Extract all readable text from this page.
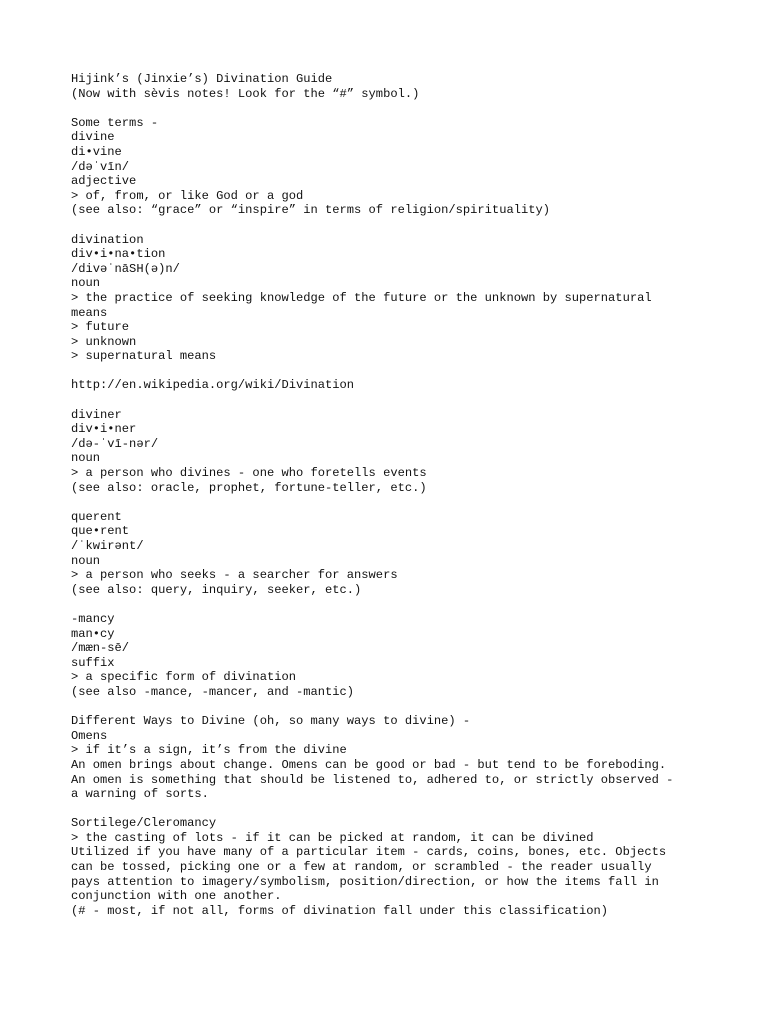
Hijink’s (Jinxie’s) Divination Guide
(Now with sèvis notes! Look for the “#” symbol.)
Some terms -
divine
di•vine
/dəˈvīn/
adjective
> of, from, or like God or a god
(see also: “grace” or “inspire” in terms of religion/spirituality)
divination
div•i•na•tion
/divəˈnāSH(ə)n/
noun
> the practice of seeking knowledge of the future or the unknown by supernatural
means
> future
> unknown
> supernatural means
http://en.wikipedia.org/wiki/Divination
diviner
div•i•ner
/də-ˈvī-nər/
noun
> a person who divines - one who foretells events
(see also: oracle, prophet, fortune-teller, etc.)
querent
que•rent
/ˈkwirənt/
noun
> a person who seeks - a searcher for answers
(see also: query, inquiry, seeker, etc.)
-mancy
man•cy
/mæn-sē/
suffix
> a specific form of divination
(see also -mance, -mancer, and -mantic)
Different Ways to Divine (oh, so many ways to divine) -
Omens
> if it’s a sign, it’s from the divine
An omen brings about change. Omens can be good or bad - but tend to be foreboding.
An omen is something that should be listened to, adhered to, or strictly observed -
a warning of sorts.
Sortilege/Cleromancy
> the casting of lots - if it can be picked at random, it can be divined
Utilized if you have many of a particular item - cards, coins, bones, etc. Objects
can be tossed, picking one or a few at random, or scrambled - the reader usually
pays attention to imagery/symbolism, position/direction, or how the items fall in
conjunction with one another.
(# - most, if not all, forms of divination fall under this classification)
